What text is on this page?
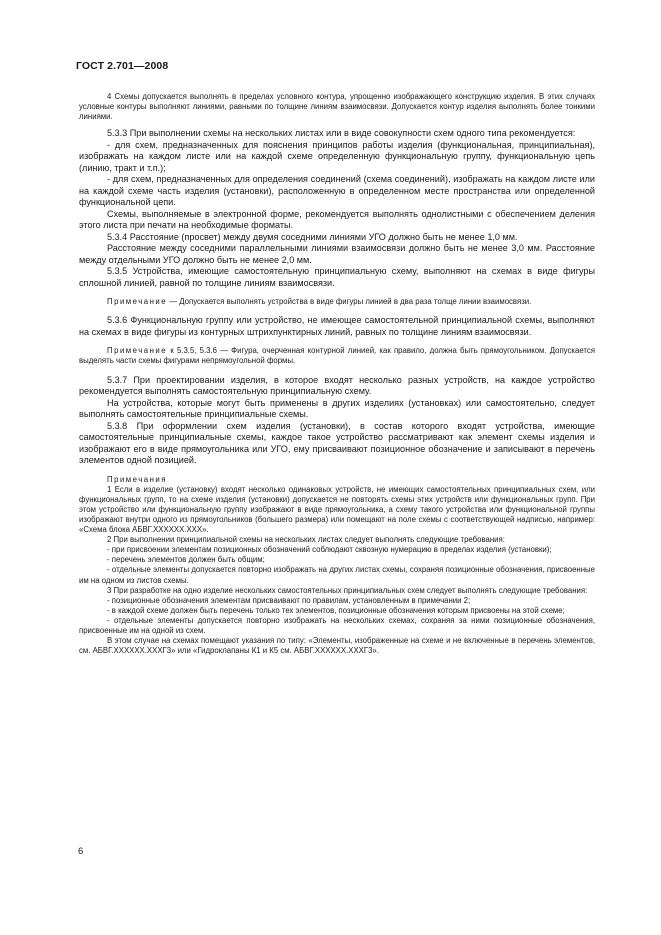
ГОСТ 2.701—2008

4 Схемы допускается выполнять в пределах условного контура, упрощенно изображающего конструкцию изделия. В этих случаях условные контуры выполняют линиями, равными по толщине линиям взаимосвязи. Допускается контур изделия выполнять более тонкими линиями.

5.3.3 При выполнении схемы на нескольких листах или в виде совокупности схем одного типа рекомендуется:

- для схем, предназначенных для пояснения принципов работы изделия (функциональная, принципиальная), изображать на каждом листе или на каждой схеме определенную функциональную группу, функциональную цепь (линию, тракт и т.п.);

- для схем, предназначенных для определения соединений (схема соединений), изображать на каждом листе или на каждой схеме часть изделия (установки), расположенную в определенном месте пространства или определенной функциональной цепи.

Схемы, выполняемые в электронной форме, рекомендуется выполнять однолистными с обеспечением деления этого листа при печати на необходимые форматы.

5.3.4 Расстояние (просвет) между двумя соседними линиями УГО должно быть не менее 1,0 мм.

Расстояние между соседними параллельными линиями взаимосвязи должно быть не менее 3,0 мм. Расстояние между отдельными УГО должно быть не менее 2,0 мм.

5.3.5 Устройства, имеющие самостоятельную принципиальную схему, выполняют на схемах в виде фигуры сплошной линией, равной по толщине линиям взаимосвязи.

Примечание — Допускается выполнять устройства в виде фигуры линией в два раза толще линии взаимосвязи.

5.3.6 Функциональную группу или устройство, не имеющее самостоятельной принципиальной схемы, выполняют на схемах в виде фигуры из контурных штрихпунктирных линий, равных по толщине линиям взаимосвязи.

Примечание к 5.3.5, 5.3.6 — Фигура, очерченная контурной линией, как правило, должна быть прямоугольником. Допускается выделять части схемы фигурами непрямоугольной формы.

5.3.7 При проектировании изделия, в которое входят несколько разных устройств, на каждое устройство рекомендуется выполнять самостоятельную принципиальную схему.

На устройства, которые могут быть применены в других изделиях (установках) или самостоятельно, следует выполнять самостоятельные принципиальные схемы.

5.3.8 При оформлении схем изделия (установки), в состав которого входят устройства, имеющие самостоятельные принципиальные схемы, каждое такое устройство рассматривают как элемент схемы изделия и изображают его в виде прямоугольника или УГО, ему присваивают позиционное обозначение и записывают в перечень элементов одной позицией.

Примечания

1 Если в изделие (установку) входят несколько одинаковых устройств, не имеющих самостоятельных принципиальных схем, или функциональных групп, то на схеме изделия (установки) допускается не повторять схемы этих устройств или функциональных групп. При этом устройство или функциональную группу изображают в виде прямоугольника, а схему такого устройства или функциональной группы изображают внутри одного из прямоугольников (большего размера) или помещают на поле схемы с соответствующей надписью, например: «Схема блока АБВГ.XXXXXX.XXX».

2 При выполнении принципиальной схемы на нескольких листах следует выполнять следующие требования:

- при присвоении элементам позиционных обозначений соблюдают сквозную нумерацию в пределах изделия (установки);

- перечень элементов должен быть общим;

- отдельные элементы допускается повторно изображать на других листах схемы, сохраняя позиционные обозначения, присвоенные им на одном из листов схемы.

3 При разработке на одно изделие нескольких самостоятельных принципиальных схем следует выполнять следующие требования:

- позиционные обозначения элементам присваивают по правилам, установленным в примечании 2;

- в каждой схеме должен быть перечень только тех элементов, позиционные обозначения которым присвоены на этой схеме;

- отдельные элементы допускается повторно изображать на нескольких схемах, сохраняя за ними позиционные обозначения, присвоенные им на одной из схем.

В этом случае на схемах помещают указания по типу: «Элементы, изображенные на схеме и не включенные в перечень элементов, см. АБВГ.XXXXXX.XXXГ3» или «Гидроклапаны К1 и К5 см. АБВГ.XXXXXX.XXXГ3».

6
